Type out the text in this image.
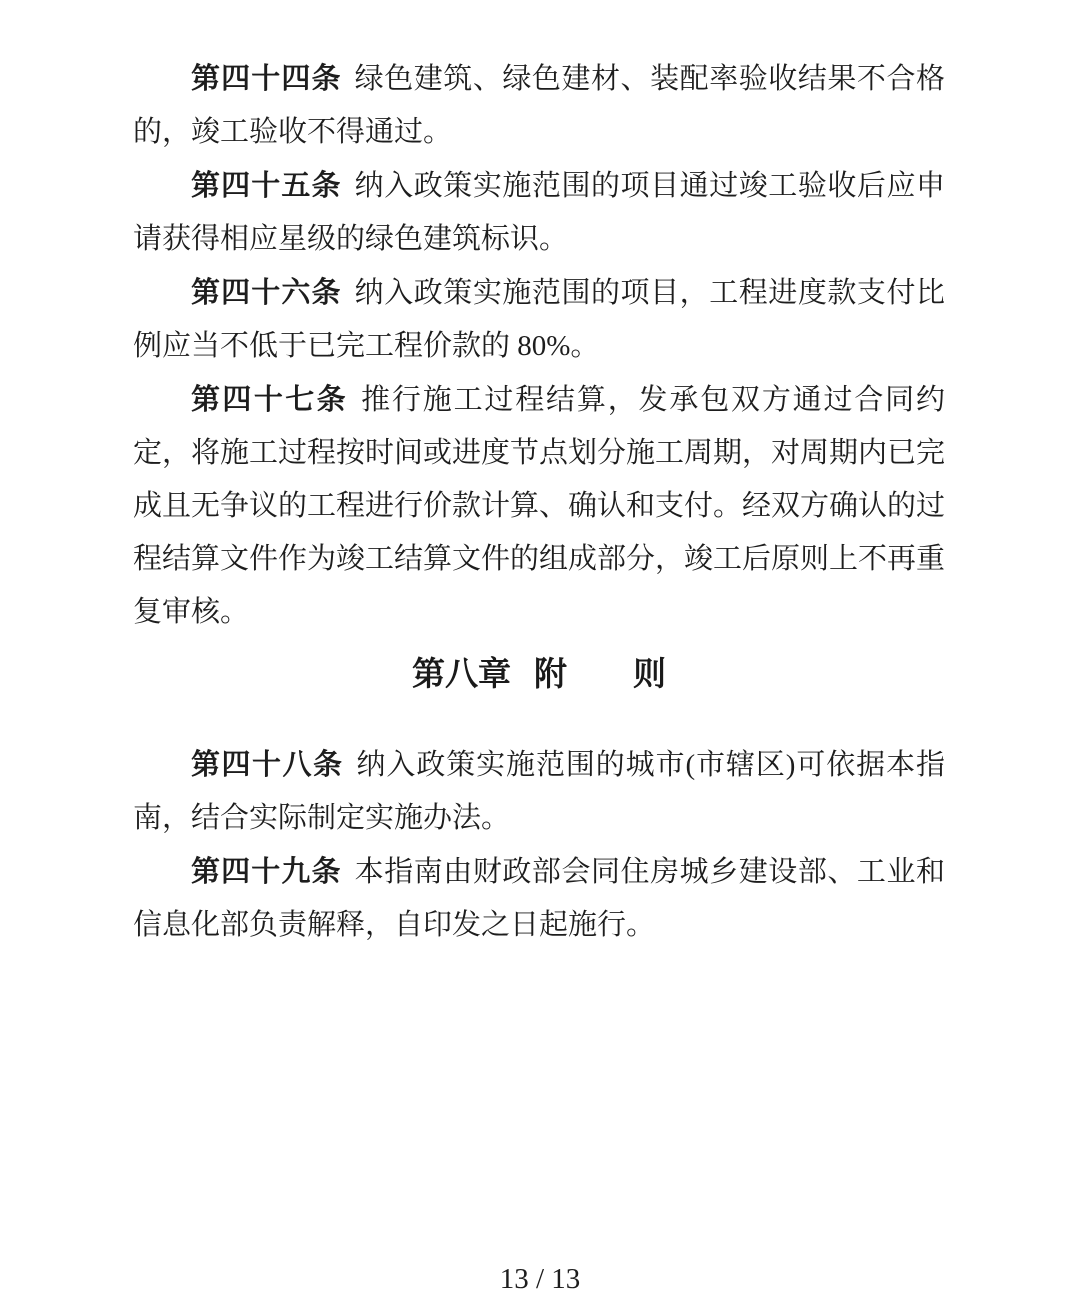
第四十四条 绿色建筑、绿色建材、装配率验收结果不合格的，竣工验收不得通过。

第四十五条 纳入政策实施范围的项目通过竣工验收后应申请获得相应星级的绿色建筑标识。

第四十六条 纳入政策实施范围的项目，工程进度款支付比例应当不低于已完工程价款的 80%。

第四十七条 推行施工过程结算，发承包双方通过合同约定，将施工过程按时间或进度节点划分施工周期，对周期内已完成且无争议的工程进行价款计算、确认和支付。经双方确认的过程结算文件作为竣工结算文件的组成部分，竣工后原则上不再重复审核。

第八章  附　　则

第四十八条 纳入政策实施范围的城市(市辖区)可依据本指南，结合实际制定实施办法。

第四十九条 本指南由财政部会同住房城乡建设部、工业和信息化部负责解释，自印发之日起施行。

13 / 13
